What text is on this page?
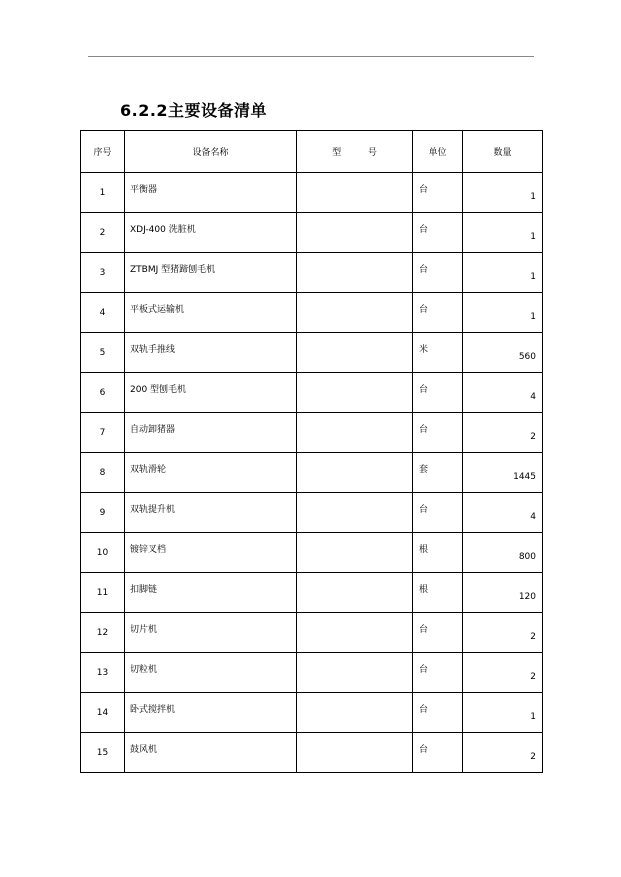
6.2.2主要设备清单
序号	设备名称	型 号	单位	数量
1	平衡器		台	1
2	XDJ-400 洗脏机		台	1
3	ZTBMJ 型猪蹄刨毛机		台	1
4	平板式运输机		台	1
5	双轨手推线		米	560
6	200 型刨毛机		台	4
7	自动卸猪器		台	2
8	双轨滑轮		套	1445
9	双轨提升机		台	4
10	镀锌叉档		根	800
11	扣脚链		根	120
12	切片机		台	2
13	切粒机		台	2
14	卧式搅拌机		台	1
15	鼓风机		台	2
